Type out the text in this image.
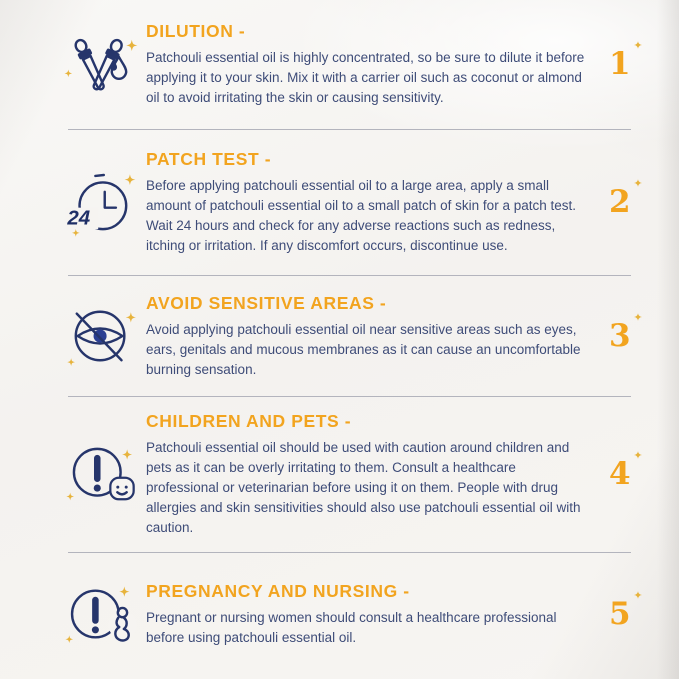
DILUTION -

Patchouli essential oil is highly concentrated, so be sure to dilute it before applying it to your skin. Mix it with a carrier oil such as coconut or almond oil to avoid irritating the skin or causing sensitivity.

1 ✦
24
PATCH TEST -

Before applying patchouli essential oil to a large area, apply a small amount of patchouli essential oil to a small patch of skin for a patch test. Wait 24 hours and check for any adverse reactions such as redness, itching or irritation. If any discomfort occurs, discontinue use.

2 ✦
AVOID SENSITIVE AREAS -

Avoid applying patchouli essential oil near sensitive areas such as eyes, ears, genitals and mucous membranes as it can cause an uncomfortable burning sensation.

3 ✦
CHILDREN AND PETS -

Patchouli essential oil should be used with caution around children and pets as it can be overly irritating to them. Consult a healthcare professional or veterinarian before using it on them. People with drug allergies and skin sensitivities should also use patchouli essential oil with caution.

4 ✦
PREGNANCY AND NURSING -

Pregnant or nursing women should consult a healthcare professional before using patchouli essential oil.

5 ✦
